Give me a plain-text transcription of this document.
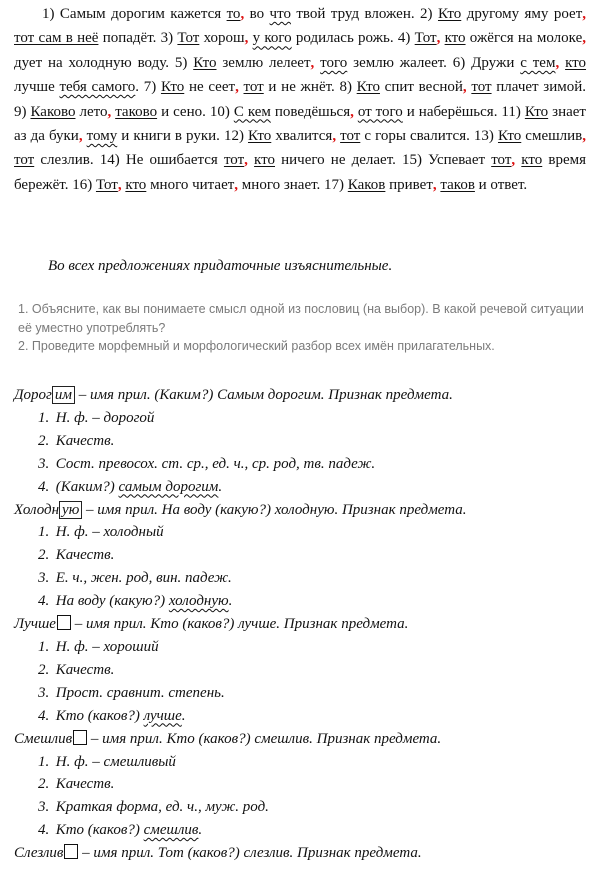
1) Самым дорогим кажется то, во что твой труд вложен. 2) Кто другому яму роет, тот сам в неё попадёт. 3) Тот хорош, у кого родилась рожь. 4) Тот, кто ожёгся на молоке, дует на холодную воду. 5) Кто землю лелеет, того землю жалеет. 6) Дружи с тем, кто лучше тебя самого. 7) Кто не сеет, тот и не жнёт. 8) Кто спит весной, тот плачет зимой. 9) Каково лето, таково и сено. 10) С кем поведёшься, от того и наберёшься. 11) Кто знает аз да буки, тому и книги в руки. 12) Кто хвалится, тот с горы свалится. 13) Кто смешлив, тот слезлив. 14) Не ошибается тот, кто ничего не делает. 15) Успевает тот, кто время бережёт. 16) Тот, кто много читает, много знает. 17) Каков привет, таков и ответ.

Во всех предложениях придаточные изъяснительные.
1. Объясните, как вы понимаете смысл одной из пословиц (на выбор). В какой речевой ситуации её уместно употреблять?
2. Проведите морфемный и морфологический разбор всех имён прилагательных.
Дорог им – имя прил. (Каким?) Самым дорогим. Признак предмета.
1. Н. ф. – дорогой
2. Качеств.
3. Сост. превосох. ст. ср., ед. ч., ср. род, тв. падеж.
4. (Каким?) самым дорогим.
Холодн ую – имя прил. На воду (какую?) холодную. Признак предмета.
1. Н. ф. – холодный
2. Качеств.
3. Е. ч., жен. род, вин. падеж.
4. На воду (какую?) холодную.
Лучше – имя прил. Кто (каков?) лучше. Признак предмета.
1. Н. ф. – хороший
2. Качеств.
3. Прост. сравнит. степень.
4. Кто (каков?) лучше.
Смешлив – имя прил. Кто (каков?) смешлив. Признак предмета.
1. Н. ф. – смешливый
2. Качеств.
3. Краткая форма, ед. ч., муж. род.
4. Кто (каков?) смешлив.
Слезлив – имя прил. Тот (каков?) слезлив. Признак предмета.
